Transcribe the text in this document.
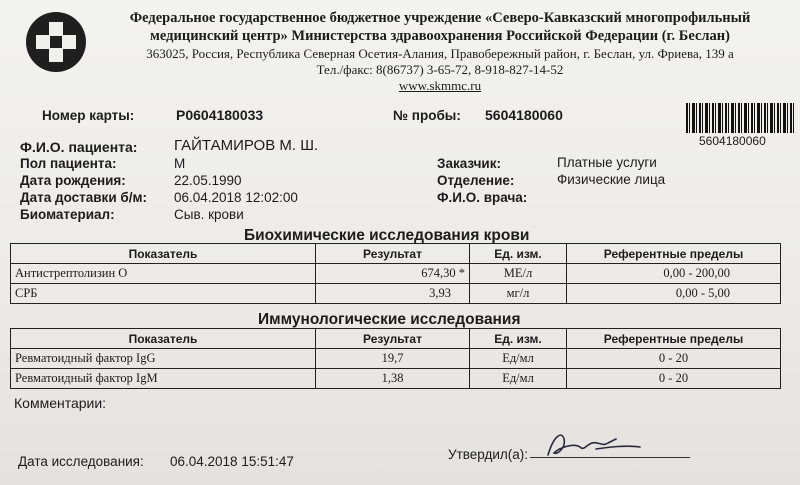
Федеральное государственное бюджетное учреждение «Северо-Кавказский многопрофильный
медицинский центр» Министерства здравоохранения Российской Федерации (г. Беслан)
363025, Россия, Республика Северная Осетия-Алания, Правобережный район, г. Беслан, ул. Фриева, 139 а
Тел./факс: 8(86737) 3-65-72, 8-918-827-14-52
www.skmmc.ru
Номер карты:	P0604180033	№ пробы: 5604180060
5604180060
Ф.И.О. пациента: ГАЙТАМИРОВ М. Ш.
Пол пациента:	М
Дата рождения:	22.05.1990
Дата доставки б/м: 06.04.2018 12:02:00
Биоматериал:	Сыв. крови
Заказчик:	Платные услуги
Отделение:	Физические лица
Ф.И.О. врача:
Биохимические исследования крови
Показатель	Результат	Ед. изм.	Референтные пределы
Антистрептолизин О	674,30 *	МЕ/л	0,00 - 200,00
СРБ	3,93	мг/л	0,00 - 5,00
Иммунологические исследования
Показатель	Результат	Ед. изм.	Референтные пределы
Ревматоидный фактор IgG	19,7	Ед/мл	0 - 20
Ревматоидный фактор IgM	1,38	Ед/мл	0 - 20
Комментарии:
Дата исследования: 06.04.2018 15:51:47	Утвердил(а):
